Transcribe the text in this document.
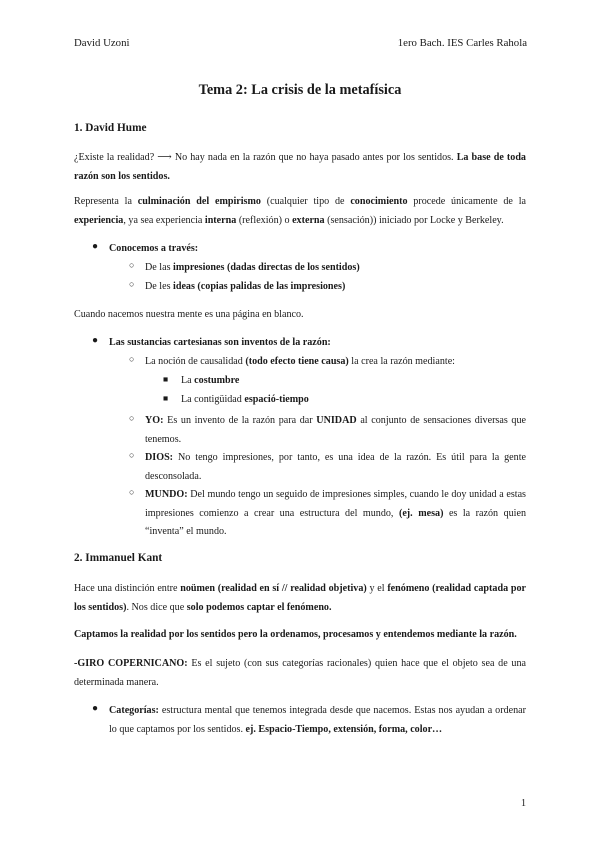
David Uzoni	1ero Bach. IES Carles Rahola
Tema 2: La crisis de la metafísica
1. David Hume

¿Existe la realidad? ⟶ No hay nada en la razón que no haya pasado antes por los sentidos. La base de toda razón son los sentidos.

Representa la culminación del empirismo (cualquier tipo de conocimiento procede únicamente de la experiencia, ya sea experiencia interna (reflexión) o externa (sensación)) iniciado por Locke y Berkeley.

● Conocemos a través:
○ De las impresiones (dadas directas de los sentidos)
○ De les ideas (copias palidas de las impresiones)

Cuando nacemos nuestra mente es una página en blanco.

● Las sustancias cartesianas son inventos de la razón:
○ La noción de causalidad (todo efecto tiene causa) la crea la razón mediante:
■ La costumbre
■ La contigüidad espació-tiempo
○ YO: Es un invento de la razón para dar UNIDAD al conjunto de sensaciones diversas que tenemos.
○ DIOS: No tengo impresiones, por tanto, es una idea de la razón. Es útil para la gente desconsolada.
○ MUNDO: Del mundo tengo un seguido de impresiones simples, cuando le doy unidad a estas impresiones comienzo a crear una estructura del mundo, (ej. mesa) es la razón quien “inventa” el mundo.
2. Immanuel Kant

Hace una distinción entre noümen (realidad en sí // realidad objetiva) y el fenómeno (realidad captada por los sentidos). Nos dice que solo podemos captar el fenómeno.

Captamos la realidad por los sentidos pero la ordenamos, procesamos y entendemos mediante la razón.

-GIRO COPERNICANO: Es el sujeto (con sus categorías racionales) quien hace que el objeto sea de una determinada manera.

● Categorías: estructura mental que tenemos integrada desde que nacemos. Estas nos ayudan a ordenar lo que captamos por los sentidos. ej. Espacio-Tiempo, extensión, forma, color…
1
